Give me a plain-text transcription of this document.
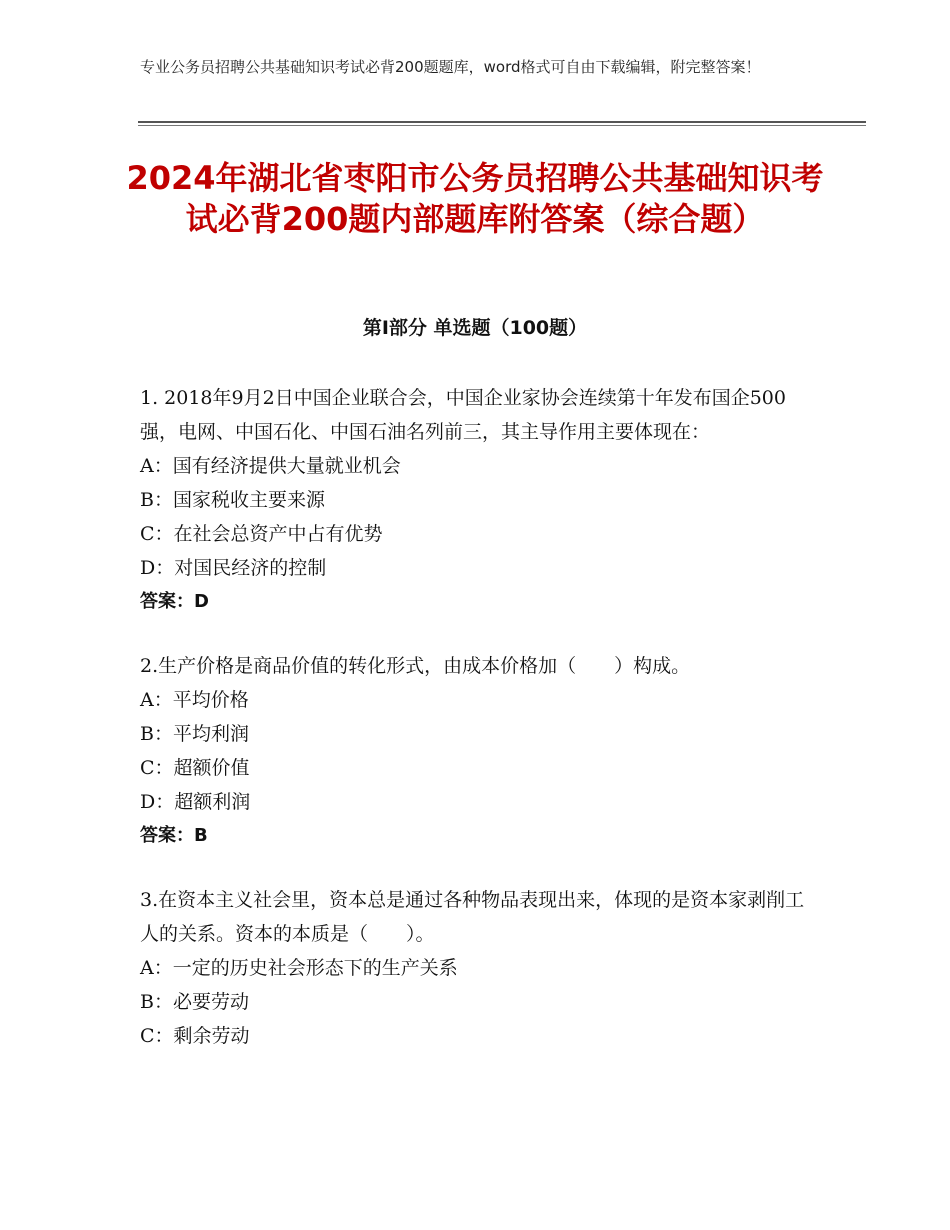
专业公务员招聘公共基础知识考试必背200题题库，word格式可自由下载编辑，附完整答案！
2024年湖北省枣阳市公务员招聘公共基础知识考试必背200题内部题库附答案（综合题）
第Ⅰ部分 单选题（100题）

1. 2018年9月2日中国企业联合会，中国企业家协会连续第十年发布国企500强，电网、中国石化、中国石油名列前三，其主导作用主要体现在：

A：国有经济提供大量就业机会

B：国家税收主要来源

C：在社会总资产中占有优势

D：对国民经济的控制

答案：D

2.生产价格是商品价值的转化形式，由成本价格加（　　）构成。

A：平均价格

B：平均利润

C：超额价值

D：超额利润

答案：B

3.在资本主义社会里，资本总是通过各种物品表现出来，体现的是资本家剥削工人的关系。资本的本质是（　　）。

A：一定的历史社会形态下的生产关系

B：必要劳动

C：剩余劳动
